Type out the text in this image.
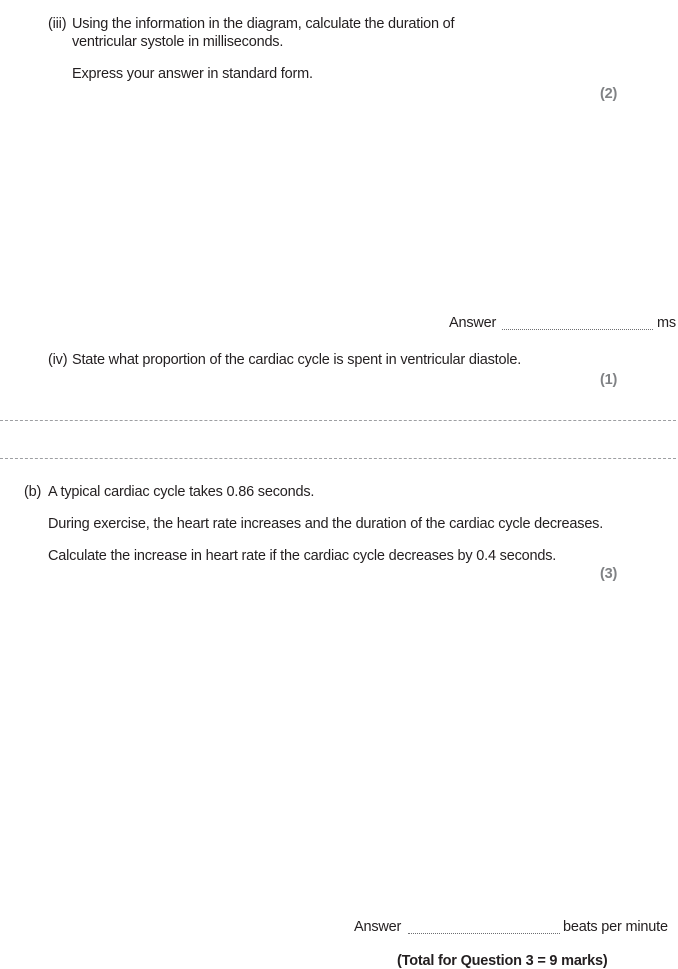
(iii) Using the information in the diagram, calculate the duration of
ventricular systole in milliseconds.
Express your answer in standard form.
(2)
Answer	ms
(iv) State what proportion of the cardiac cycle is spent in ventricular diastole.
(1)
(b) A typical cardiac cycle takes 0.86 seconds.
During exercise, the heart rate increases and the duration of the cardiac cycle decreases.
Calculate the increase in heart rate if the cardiac cycle decreases by 0.4 seconds.
(3)
Answer	beats per minute
(Total for Question 3 = 9 marks)
